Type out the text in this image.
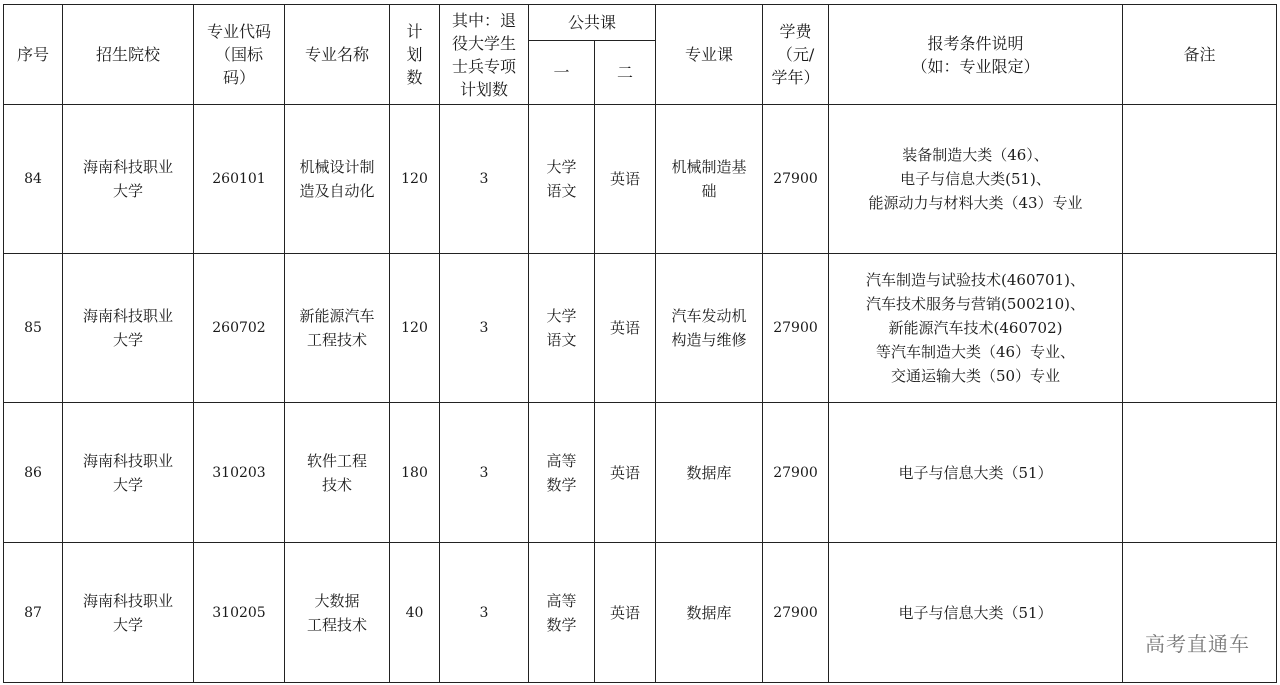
序号	招生院校	专业代码
（国标
码）	专业名称	计
划
数	其中：退
役大学生
士兵专项
计划数	公共课		专业课	学费
（元/
学年）	报考条件说明
（如：专业限定）	备注
						一	二				
84	海南科技职业
大学	260101	机械设计制
造及自动化	120	3	大学
语文	英语	机械制造基
础	27900	装备制造大类（46）、
电子与信息大类(51)、
能源动力与材料大类（43）专业	

85	海南科技职业
大学	260702	新能源汽车
工程技术	120	3	大学
语文	英语	汽车发动机
构造与维修	27900	汽车制造与试验技术(460701)、
汽车技术服务与营销(500210)、
新能源汽车技术(460702)
等汽车制造大类（46）专业、
交通运输大类（50）专业	

86	海南科技职业
大学	310203	软件工程
技术	180	3	高等
数学	英语	数据库	27900	电子与信息大类（51）	

87	海南科技职业
大学	310205	大数据
工程技术	40	3	高等
数学	英语	数据库	27900	电子与信息大类（51）	

高考直通车
